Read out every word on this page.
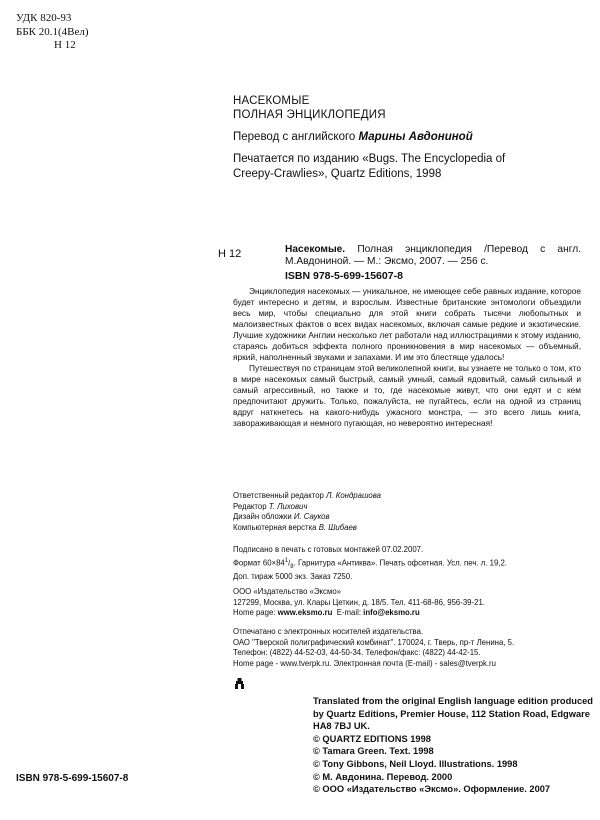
УДК 820-93
ББК 20.1(4Вел)
Н 12
НАСЕКОМЫЕ
ПОЛНАЯ ЭНЦИКЛОПЕДИЯ
Перевод с английского Марины Авдониной
Печатается по изданию «Bugs. The Encyclopedia of Creepy-Crawlies», Quartz Editions, 1998
Н 12	Насекомые. Полная энциклопедия /Перевод с англ. М.Авдониной. — М.: Эксмо, 2007. — 256 с.
ISBN 978-5-699-15607-8

Энциклопедия насекомых — уникальное, не имеющее себе равных издание, которое будет интересно и детям, и взрослым. Известные британские энтомологи объездили весь мир, чтобы специально для этой книги собрать тысячи любопытных и малоизвестных фактов о всех видах насекомых, включая самые редкие и экзотические. Лучшие художники Англии несколько лет работали над иллюстрациями к этому изданию, стараясь добиться эффекта полного проникновения в мир насекомых — объемный, яркий, наполненный звуками и запахами. И им это блестяще удалось!

Путешествуя по страницам этой великолепной книги, вы узнаете не только о том, кто в мире насекомых самый быстрый, самый умный, самый ядовитый, самый сильный и самый агрессивный, но также и то, где насекомые живут, что они едят и с кем предпочитают дружить. Только, пожалуйста, не пугайтесь, если на одной из страниц вдруг наткнетесь на какого-нибудь ужасного монстра, — это всего лишь книга, завораживающая и немного пугающая, но невероятно интересная!

Ответственный редактор Л. Кондрашова
Редактор Т. Лихович
Дизайн обложки И. Сауков
Компьютерная верстка В. Шибаев
Подписано в печать с готовых монтажей 07.02.2007.
Формат $60\times 84^1/_8$. Гарнитура «Антиква». Печать офсетная. Усл. печ. л. 19,2.
Доп. тираж 5000 экз. Заказ 7250.
ООО «Издательство «Эксмо»
127299, Москва, ул. Клары Цеткин, д. 18/5. Тел. 411-68-86, 956-39-21.
Home page: www.eksmo.ru  E-mail: info@eksmo.ru
Отпечатано с электронных носителей издательства.
ОАО "Тверской полиграфический комбинат". 170024, г. Тверь, пр-т Ленина, 5.
Телефон: (4822) 44-52-03, 44-50-34. Телефон/факс: (4822) 44-42-15.
Home page - www.tverpk.ru. Электронная почта (E-mail) - sales@tverpk.ru
Translated from the original English language edition produced
by Quartz Editions, Premier House, 112 Station Road, Edgware
HA8 7BJ UK.
© QUARTZ EDITIONS 1998
© Tamara Green. Text. 1998
© Tony Gibbons, Neil Lloyd. Illustrations. 1998
© М. Авдонина. Перевод. 2000
© ООО «Издательство «Эксмо». Оформление. 2007
ISBN 978-5-699-15607-8
